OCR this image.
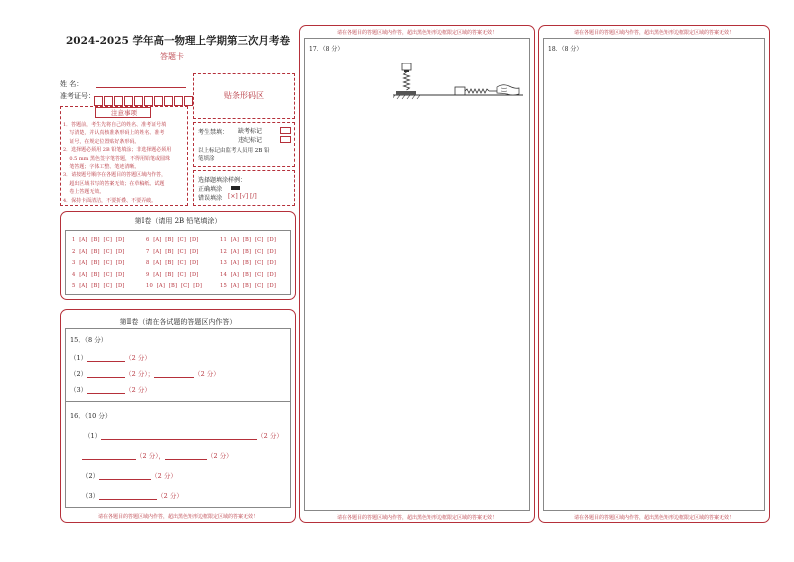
2024-2025 学年高一物理上学期第三次月考卷
答题卡
姓 名：
准考证号：	贴条形码区
注意事项
1．答题前，考生先将自己的姓名、准考证号填
写清楚，并认真核准条形码上的姓名、准考
证号，在规定位置贴好条形码。
2．选择题必须用 2B 铅笔填涂；非选择题必须用
0.5 mm 黑色签字笔答题，不得用铅笔或圆珠
笔答题；字体工整、笔迹清晰。
3．请按题号顺序在各题目的答题区域内作答，
超出区域书写的答案无效；在草稿纸、试题
卷上答题无效。
4．保持卡面清洁，不要折叠、不要弄破。
考生禁填： 缺考标记
违纪标记
以上标记由监考人员用 2B 铅
笔填涂
选择题填涂样例：
正确填涂
错误填涂 [×] [√] [/]
第Ⅰ卷（请用 2B 铅笔填涂）
1  [A]  [B]  [C]  [D]
2  [A]  [B]  [C]  [D]
3  [A]  [B]  [C]  [D]
4  [A]  [B]  [C]  [D]
5  [A]  [B]  [C]  [D]
6  [A]  [B]  [C]  [D]
7  [A]  [B]  [C]  [D]
8  [A]  [B]  [C]  [D]
9  [A]  [B]  [C]  [D]
10  [A]  [B]  [C]  [D]
11  [A]  [B]  [C]  [D]
12  [A]  [B]  [C]  [D]
13  [A]  [B]  [C]  [D]
14  [A]  [B]  [C]  [D]
15  [A]  [B]  [C]  [D]
第Ⅱ卷（请在各试题的答题区内作答）
15．（8 分）
（1）	（2 分）
（2）	（2 分）；	（2 分）
（3）	（2 分）
16．（10 分）
（1）	（2 分）
（2 分），	（2 分）
（2）	（2 分）
（3）	（2 分）
请在各题目的答题区域内作答，超出黑色矩形边框限定区域的答案无效！
请在各题目的答题区域内作答，超出黑色矩形边框限定区域的答案无效！
17．（8 分）
请在各题目的答题区域内作答，超出黑色矩形边框限定区域的答案无效！
请在各题目的答题区域内作答，超出黑色矩形边框限定区域的答案无效！
18．（8 分）
请在各题目的答题区域内作答，超出黑色矩形边框限定区域的答案无效！
